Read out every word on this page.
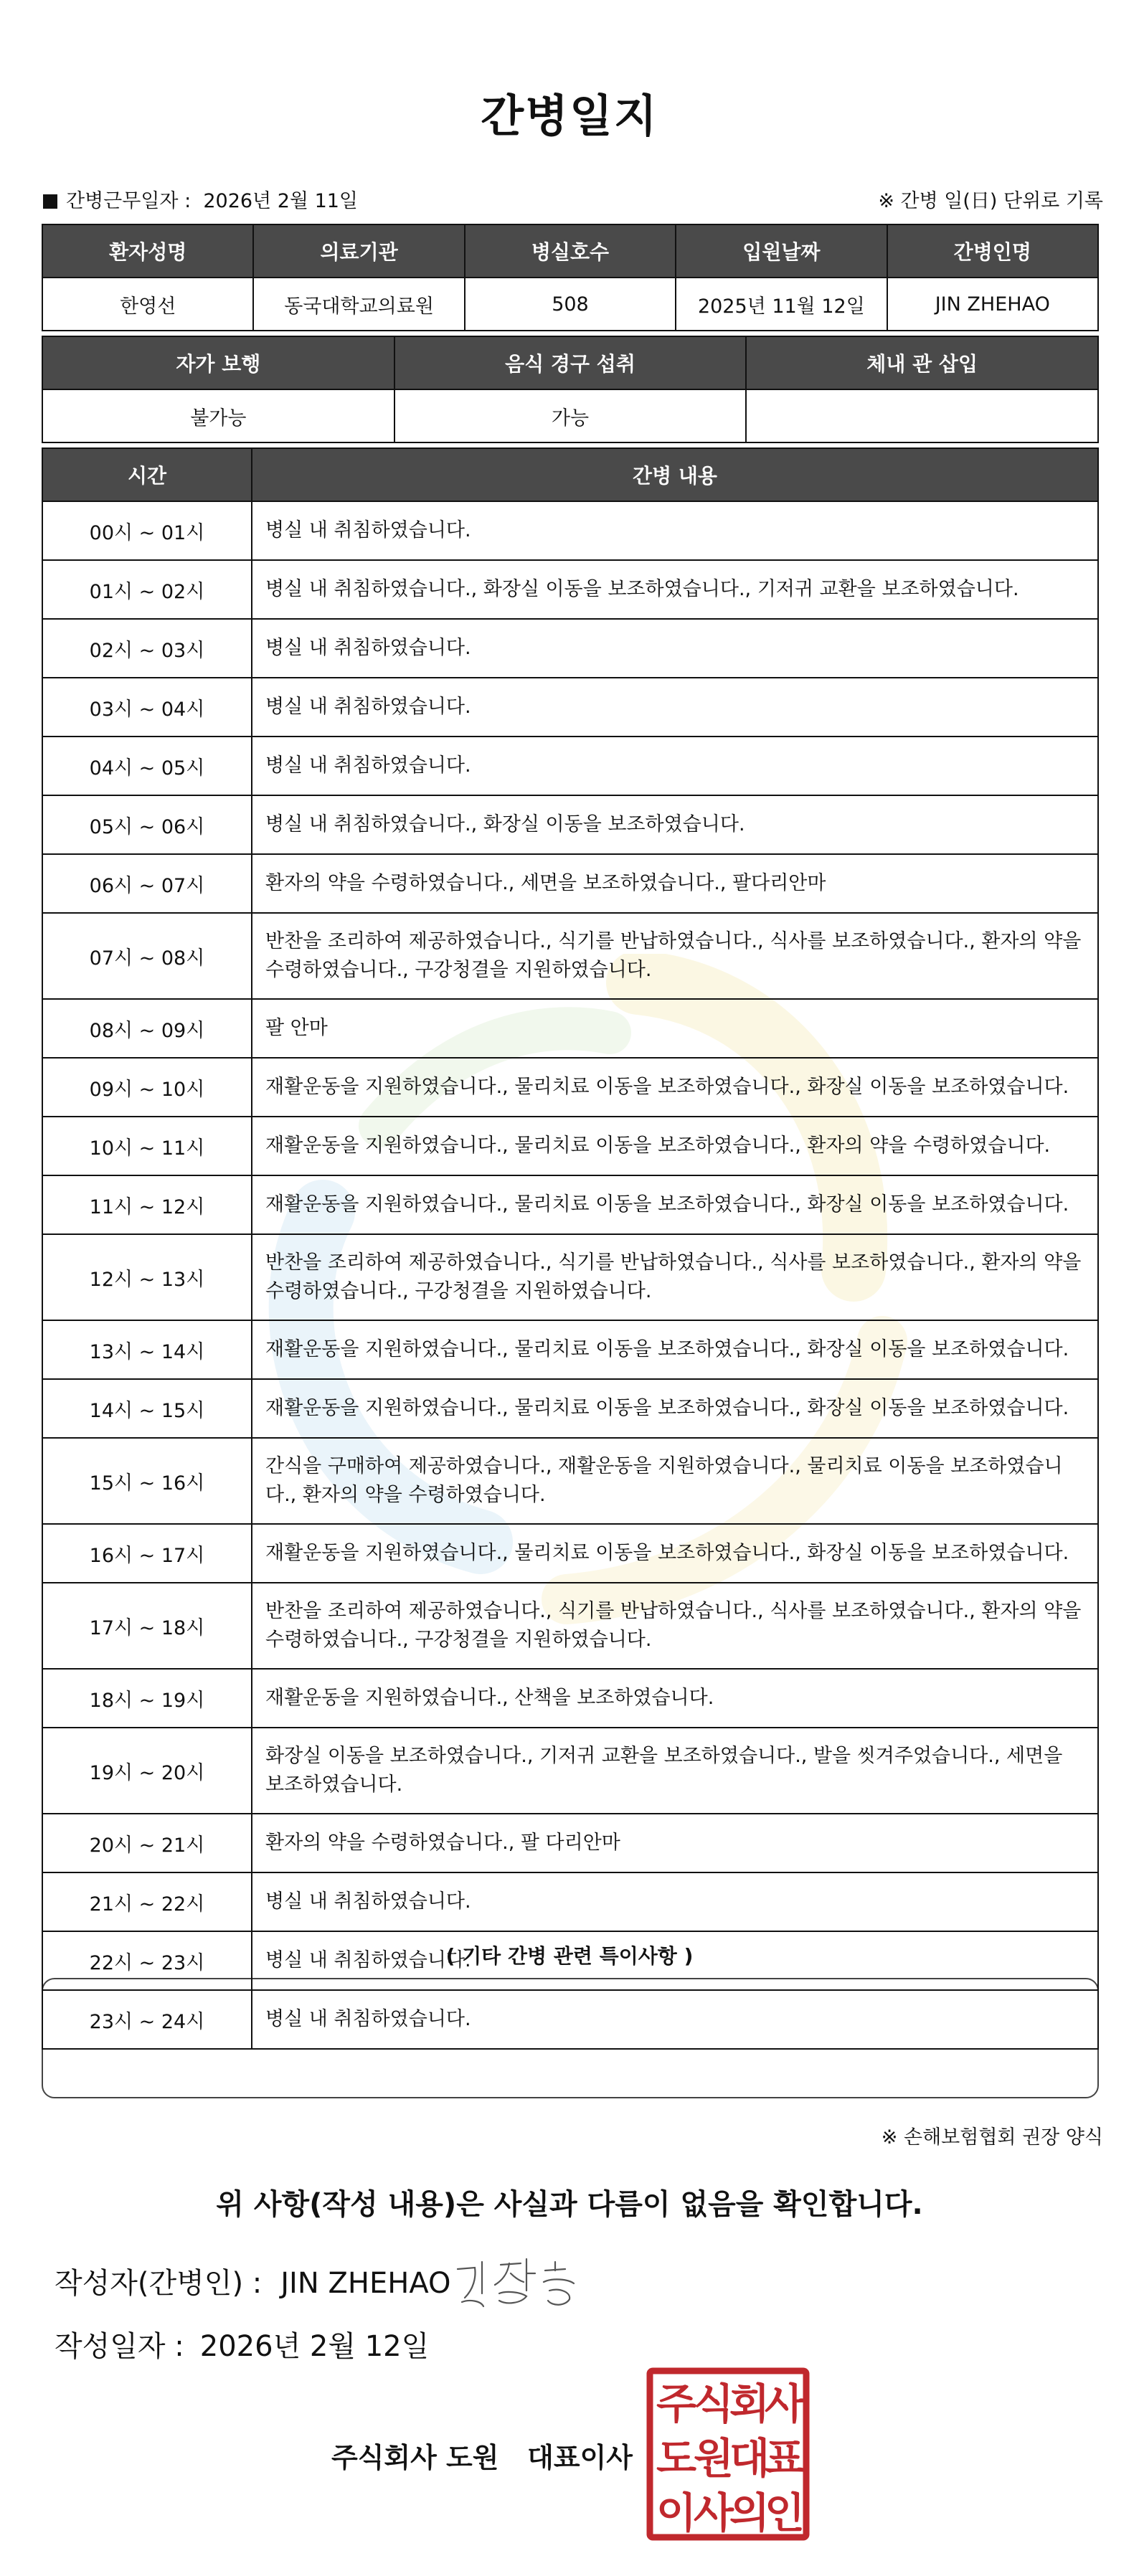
간병일지
간병근무일자 : 2026년 2월 11일	※ 간병 일(日) 단위로 기록
환자성명	의료기관	병실호수	입원날짜	간병인명
한영선	동국대학교의료원	508	2025년 11월 12일	JIN ZHEHAO
자가 보행	음식 경구 섭취	체내 관 삽입
불가능	가능	
시간	간병 내용
00시 ~ 01시	병실 내 취침하였습니다.
01시 ~ 02시	병실 내 취침하였습니다., 화장실 이동을 보조하였습니다., 기저귀 교환을 보조하였습니다.
02시 ~ 03시	병실 내 취침하였습니다.
03시 ~ 04시	병실 내 취침하였습니다.
04시 ~ 05시	병실 내 취침하였습니다.
05시 ~ 06시	병실 내 취침하였습니다., 화장실 이동을 보조하였습니다.
06시 ~ 07시	환자의 약을 수령하였습니다., 세면을 보조하였습니다., 팔다리안마
07시 ~ 08시	반찬을 조리하여 제공하였습니다., 식기를 반납하였습니다., 식사를 보조하였습니다., 환자의 약을 수령하였습니다., 구강청결을 지원하였습니다.
08시 ~ 09시	팔 안마
09시 ~ 10시	재활운동을 지원하였습니다., 물리치료 이동을 보조하였습니다., 화장실 이동을 보조하였습니다.
10시 ~ 11시	재활운동을 지원하였습니다., 물리치료 이동을 보조하였습니다., 환자의 약을 수령하였습니다.
11시 ~ 12시	재활운동을 지원하였습니다., 물리치료 이동을 보조하였습니다., 화장실 이동을 보조하였습니다.
12시 ~ 13시	반찬을 조리하여 제공하였습니다., 식기를 반납하였습니다., 식사를 보조하였습니다., 환자의 약을 수령하였습니다., 구강청결을 지원하였습니다.
13시 ~ 14시	재활운동을 지원하였습니다., 물리치료 이동을 보조하였습니다., 화장실 이동을 보조하였습니다.
14시 ~ 15시	재활운동을 지원하였습니다., 물리치료 이동을 보조하였습니다., 화장실 이동을 보조하였습니다.
15시 ~ 16시	간식을 구매하여 제공하였습니다., 재활운동을 지원하였습니다., 물리치료 이동을 보조하였습니다., 환자의 약을 수령하였습니다.
16시 ~ 17시	재활운동을 지원하였습니다., 물리치료 이동을 보조하였습니다., 화장실 이동을 보조하였습니다.
17시 ~ 18시	반찬을 조리하여 제공하였습니다., 식기를 반납하였습니다., 식사를 보조하였습니다., 환자의 약을 수령하였습니다., 구강청결을 지원하였습니다.
18시 ~ 19시	재활운동을 지원하였습니다., 산책을 보조하였습니다.
19시 ~ 20시	화장실 이동을 보조하였습니다., 기저귀 교환을 보조하였습니다., 발을 씻겨주었습니다., 세면을 보조하였습니다.
20시 ~ 21시	환자의 약을 수령하였습니다., 팔 다리안마
21시 ~ 22시	병실 내 취침하였습니다.
22시 ~ 23시	병실 내 취침하였습니다.
23시 ~ 24시	병실 내 취침하였습니다.
( 기타 간병 관련 특이사항 )
※ 손해보험협회 권장 양식
위 사항(작성 내용)은 사실과 다름이 없음을 확인합니다.
작성자(간병인) : JIN ZHEHAO
작성일자 : 2026년 2월 12일
주식회사 도원   대표이사
주
식
회
사
도
원
대
표
이
사
의
인
